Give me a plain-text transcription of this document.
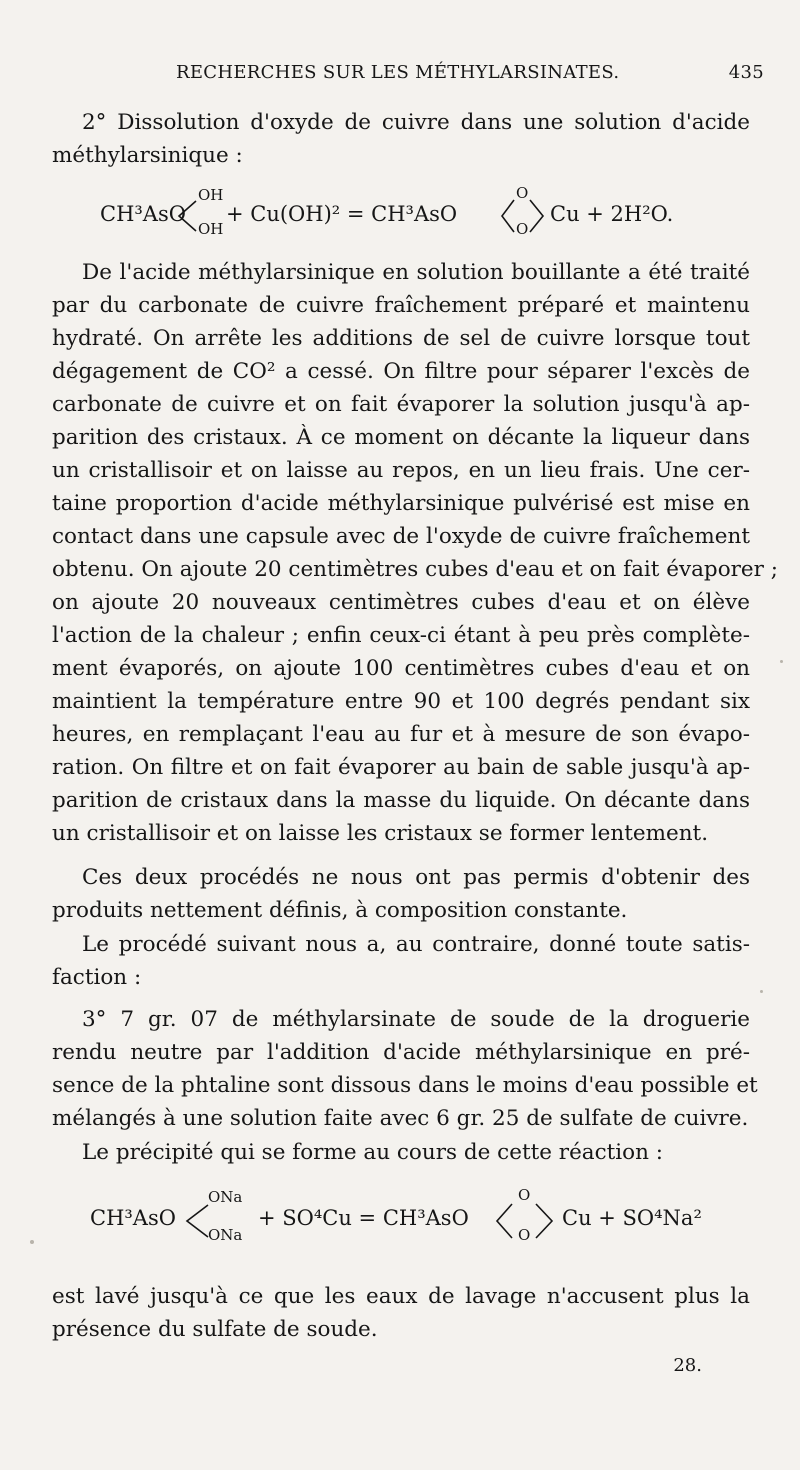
RECHERCHES SUR LES MÉTHYLARSINATES.	435
2° Dissolution d'oxyde de cuivre dans une solution d'acide
méthylarsinique :
CH³AsO
OH
OH
+ Cu(OH)² = CH³AsO
O
O
Cu + 2H²O.
De l'acide méthylarsinique en solution bouillante a été traité
par du carbonate de cuivre fraîchement préparé et maintenu
hydraté. On arrête les additions de sel de cuivre lorsque tout
dégagement de CO² a cessé. On filtre pour séparer l'excès de
carbonate de cuivre et on fait évaporer la solution jusqu'à ap-
parition des cristaux. À ce moment on décante la liqueur dans
un cristallisoir et on laisse au repos, en un lieu frais. Une cer-
taine proportion d'acide méthylarsinique pulvérisé est mise en
contact dans une capsule avec de l'oxyde de cuivre fraîchement
obtenu. On ajoute 20 centimètres cubes d'eau et on fait évaporer ;
on ajoute 20 nouveaux centimètres cubes d'eau et on élève
l'action de la chaleur ; enfin ceux-ci étant à peu près complète-
ment évaporés, on ajoute 100 centimètres cubes d'eau et on
maintient la température entre 90 et 100 degrés pendant six
heures, en remplaçant l'eau au fur et à mesure de son évapo-
ration. On filtre et on fait évaporer au bain de sable jusqu'à ap-
parition de cristaux dans la masse du liquide. On décante dans
un cristallisoir et on laisse les cristaux se former lentement.
Ces deux procédés ne nous ont pas permis d'obtenir des
produits nettement définis, à composition constante.
Le procédé suivant nous a, au contraire, donné toute satis-
faction :
3° 7 gr. 07 de méthylarsinate de soude de la droguerie
rendu neutre par l'addition d'acide méthylarsinique en pré-
sence de la phtaline sont dissous dans le moins d'eau possible et
mélangés à une solution faite avec 6 gr. 25 de sulfate de cuivre.
Le précipité qui se forme au cours de cette réaction :
CH³AsO
ONa
ONa
+ SO⁴Cu = CH³AsO
O
O
Cu + SO⁴Na²
est lavé jusqu'à ce que les eaux de lavage n'accusent plus la
présence du sulfate de soude.
28.
